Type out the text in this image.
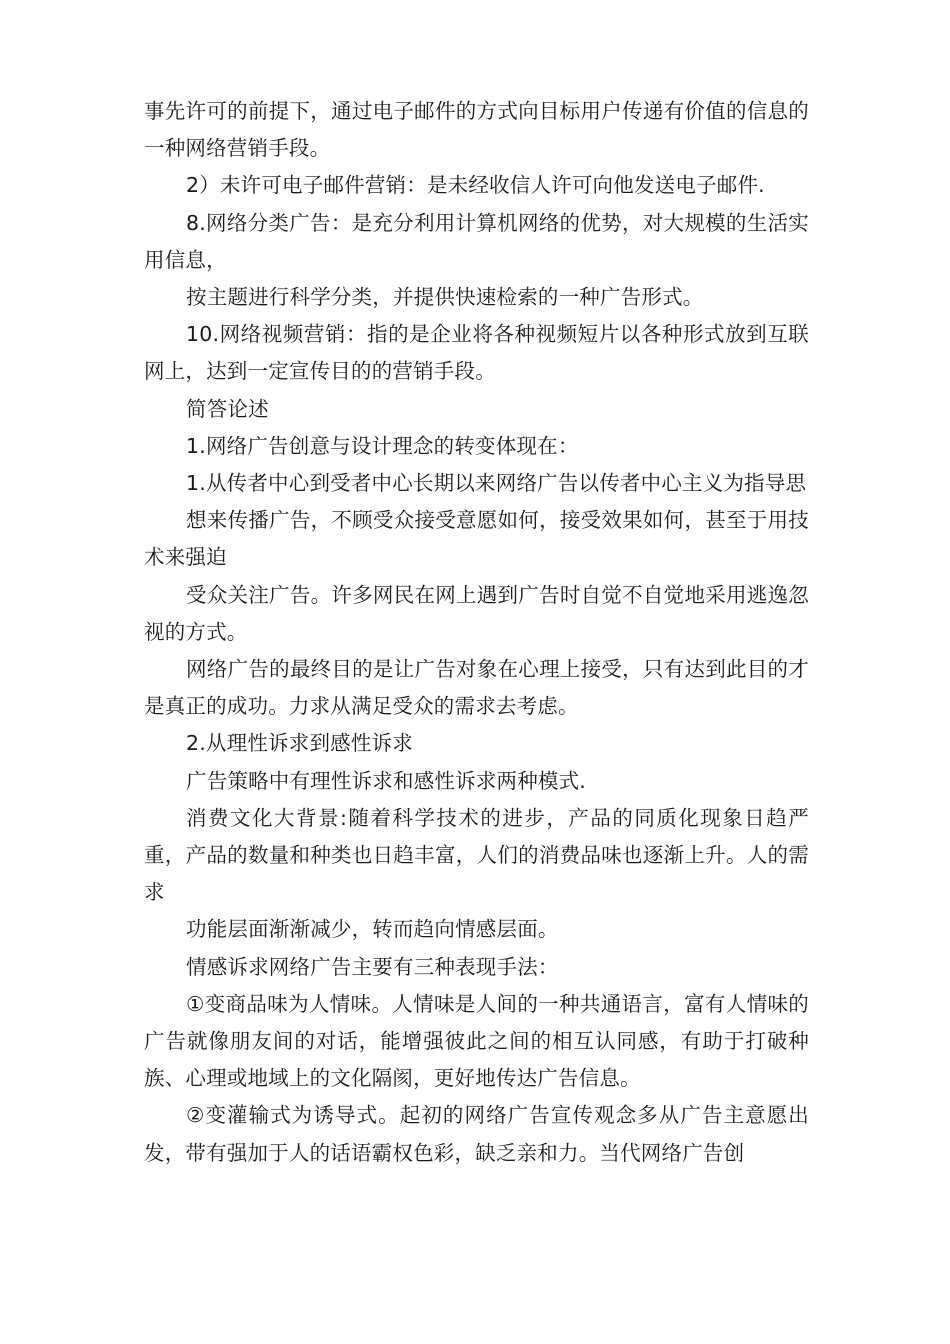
事先许可的前提下，通过电子邮件的方式向目标用户传递有价值的信息的一种网络营销手段。

2）未许可电子邮件营销：是未经收信人许可向他发送电子邮件.

8.网络分类广告：是充分利用计算机网络的优势，对大规模的生活实用信息，

按主题进行科学分类，并提供快速检索的一种广告形式。

10.网络视频营销：指的是企业将各种视频短片以各种形式放到互联网上，达到一定宣传目的的营销手段。

简答论述

1.网络广告创意与设计理念的转变体现在：

1.从传者中心到受者中心长期以来网络广告以传者中心主义为指导思

想来传播广告，不顾受众接受意愿如何，接受效果如何，甚至于用技术来强迫

受众关注广告。许多网民在网上遇到广告时自觉不自觉地采用逃逸忽视的方式。

网络广告的最终目的是让广告对象在心理上接受，只有达到此目的才是真正的成功。力求从满足受众的需求去考虑。

2.从理性诉求到感性诉求

广告策略中有理性诉求和感性诉求两种模式.

消费文化大背景:随着科学技术的进步，产品的同质化现象日趋严重，产品的数量和种类也日趋丰富，人们的消费品味也逐渐上升。人的需求

功能层面渐渐减少，转而趋向情感层面。

情感诉求网络广告主要有三种表现手法：

①变商品味为人情味。人情味是人间的一种共通语言，富有人情味的广告就像朋友间的对话，能增强彼此之间的相互认同感，有助于打破种族、心理或地域上的文化隔阂，更好地传达广告信息。

②变灌输式为诱导式。起初的网络广告宣传观念多从广告主意愿出发，带有强加于人的话语霸权色彩，缺乏亲和力。当代网络广告创
